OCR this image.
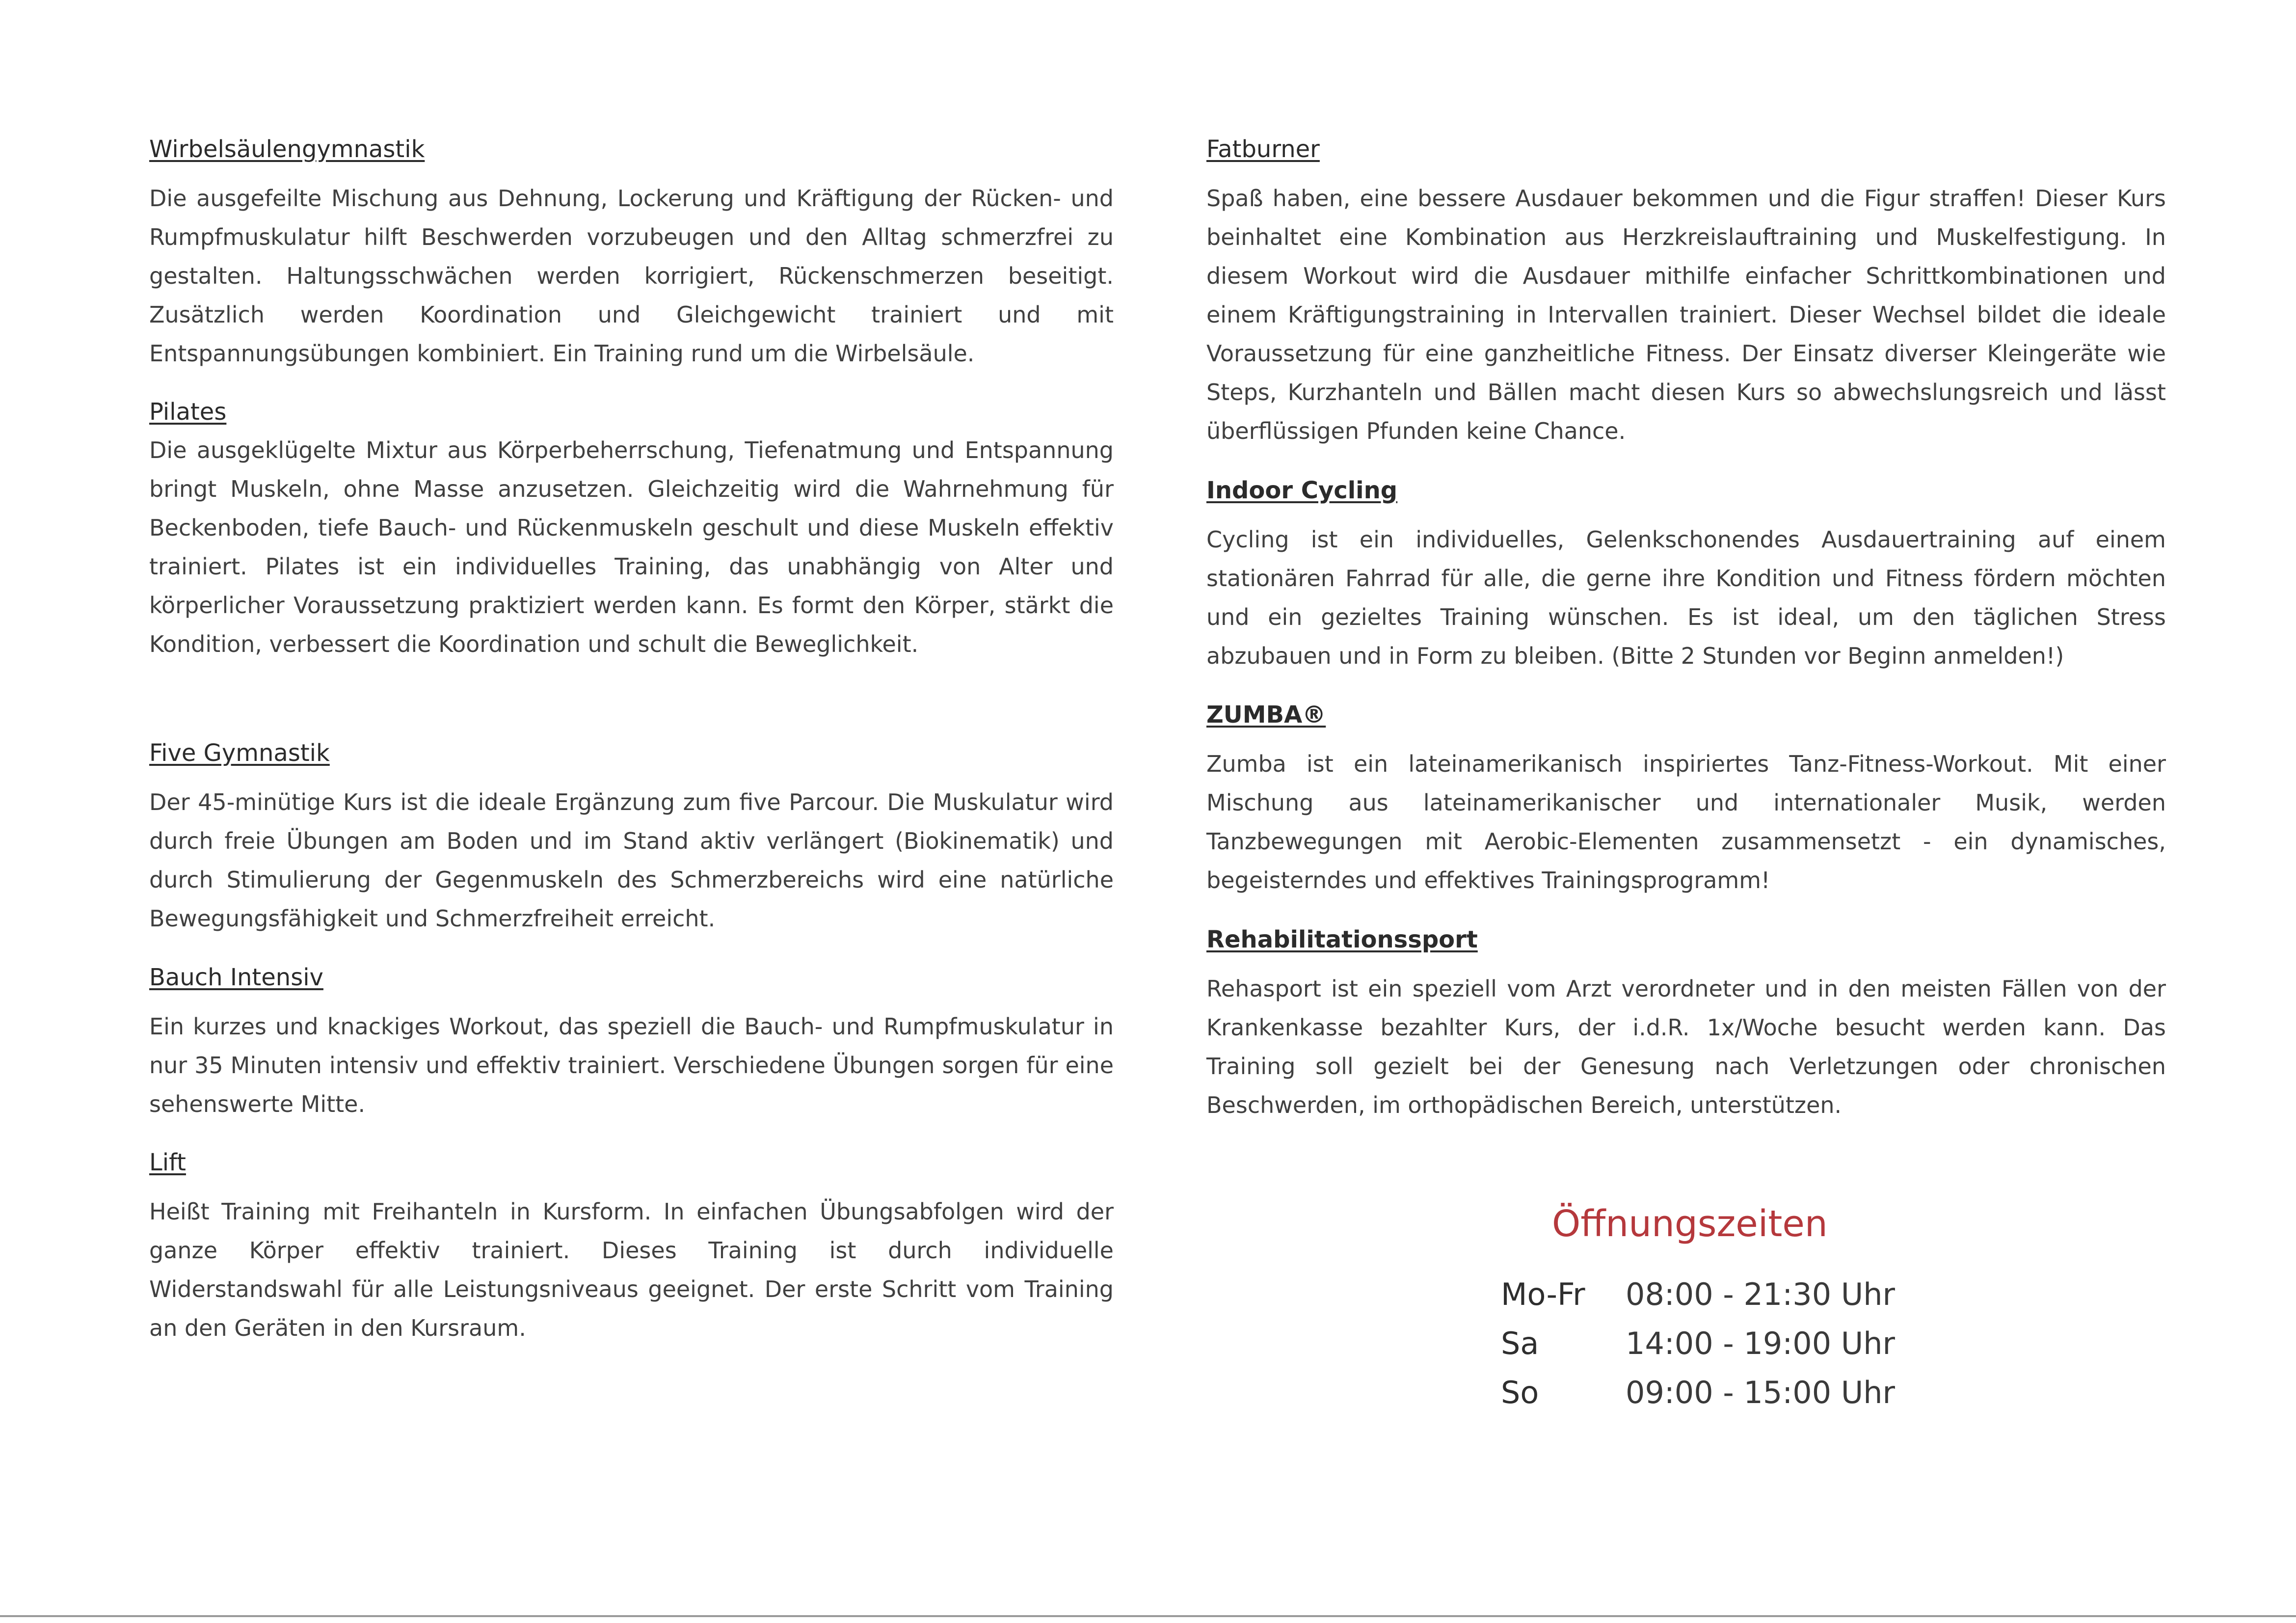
Wirbelsäulengymnastik

Die ausgefeilte Mischung aus Dehnung, Lockerung und Kräftigung der Rücken- und Rumpfmuskulatur hilft Beschwerden vorzubeugen und den Alltag schmerzfrei zu gestalten. Haltungsschwächen werden korrigiert, Rückenschmerzen beseitigt. Zusätzlich werden Koordination und Gleichgewicht trainiert und mit Entspannungsübungen kombiniert. Ein Training rund um die Wirbelsäule.

Pilates

Die ausgeklügelte Mixtur aus Körperbeherrschung, Tiefenatmung und Entspannung bringt Muskeln, ohne Masse anzusetzen. Gleichzeitig wird die Wahrnehmung für Beckenboden, tiefe Bauch- und Rückenmuskeln geschult und diese Muskeln effektiv trainiert. Pilates ist ein individuelles Training, das unabhängig von Alter und körperlicher Voraussetzung praktiziert werden kann. Es formt den Körper, stärkt die Kondition, verbessert die Koordination und schult die Beweglichkeit.

Five Gymnastik

Der 45-minütige Kurs ist die ideale Ergänzung zum five Parcour. Die Muskulatur wird durch freie Übungen am Boden und im Stand aktiv verlängert (Biokinematik) und durch Stimulierung der Gegenmuskeln des Schmerzbereichs wird eine natürliche Bewegungsfähigkeit und Schmerzfreiheit erreicht.

Bauch Intensiv

Ein kurzes und knackiges Workout, das speziell die Bauch- und Rumpfmuskulatur in nur 35 Minuten intensiv und effektiv trainiert. Verschiedene Übungen sorgen für eine sehenswerte Mitte.

Lift

Heißt Training mit Freihanteln in Kursform. In einfachen Übungsabfolgen wird der ganze Körper effektiv trainiert. Dieses Training ist durch individuelle Widerstandswahl für alle Leistungsniveaus geeignet. Der erste Schritt vom Training an den Geräten in den Kursraum.

Fatburner

Spaß haben, eine bessere Ausdauer bekommen und die Figur straffen! Dieser Kurs beinhaltet eine Kombination aus Herzkreislauftraining und Muskelfestigung. In diesem Workout wird die Ausdauer mithilfe einfacher Schrittkombinationen und einem Kräftigungstraining in Intervallen trainiert. Dieser Wechsel bildet die ideale Voraussetzung für eine ganzheitliche Fitness. Der Einsatz diverser Kleingeräte wie Steps, Kurzhanteln und Bällen macht diesen Kurs so abwechslungsreich und lässt überflüssigen Pfunden keine Chance.

Indoor Cycling

Cycling ist ein individuelles, Gelenkschonendes Ausdauertraining auf einem stationären Fahrrad für alle, die gerne ihre Kondition und Fitness fördern möchten und ein gezieltes Training wünschen. Es ist ideal, um den täglichen Stress abzubauen und in Form zu bleiben. (Bitte 2 Stunden vor Beginn anmelden!)

ZUMBA®

Zumba ist ein lateinamerikanisch inspiriertes Tanz-Fitness-Workout. Mit einer Mischung aus lateinamerikanischer und internationaler Musik, werden Tanzbewegungen mit Aerobic-Elementen zusammensetzt - ein dynamisches, begeisterndes und effektives Trainingsprogramm!

Rehabilitationssport

Rehasport ist ein speziell vom Arzt verordneter und in den meisten Fällen von der Krankenkasse bezahlter Kurs, der i.d.R. 1x/Woche besucht werden kann. Das Training soll gezielt bei der Genesung nach Verletzungen oder chronischen Beschwerden, im orthopädischen Bereich, unterstützen.

Öffnungszeiten
Mo-Fr 08:00 - 21:30 Uhr
Sa	14:00 - 19:00 Uhr
So	09:00 - 15:00 Uhr
